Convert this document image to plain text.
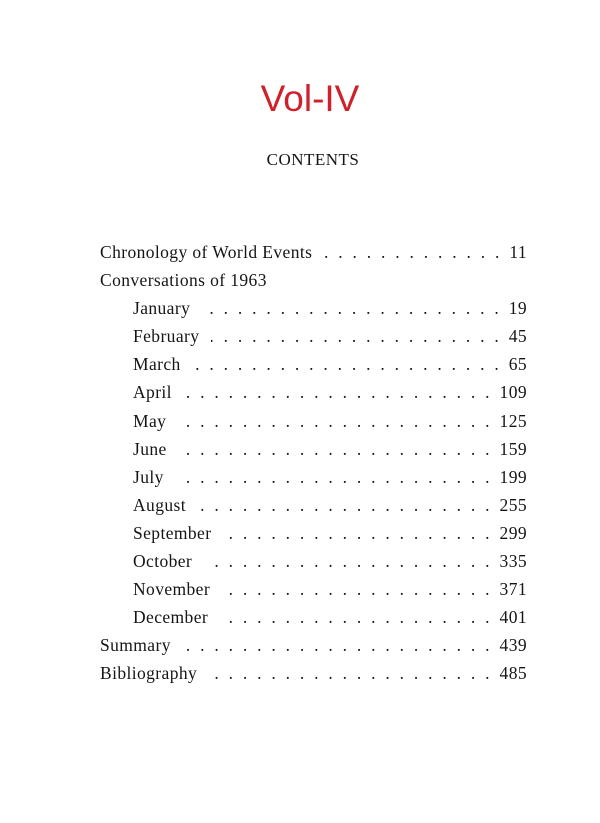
Vol-IV
CONTENTS
Chronology of World Events . . .	11
Conversations of 1963
January . . .	19
February . . .	45
March . . .	65
April . . .	109
May . . .	125
June . . .	159
July . . .	199
August . . .	255
September . . .	299
October . . .	335
November . . .	371
December . . .	401
Summary . . .	439
Bibliography . . .	485
